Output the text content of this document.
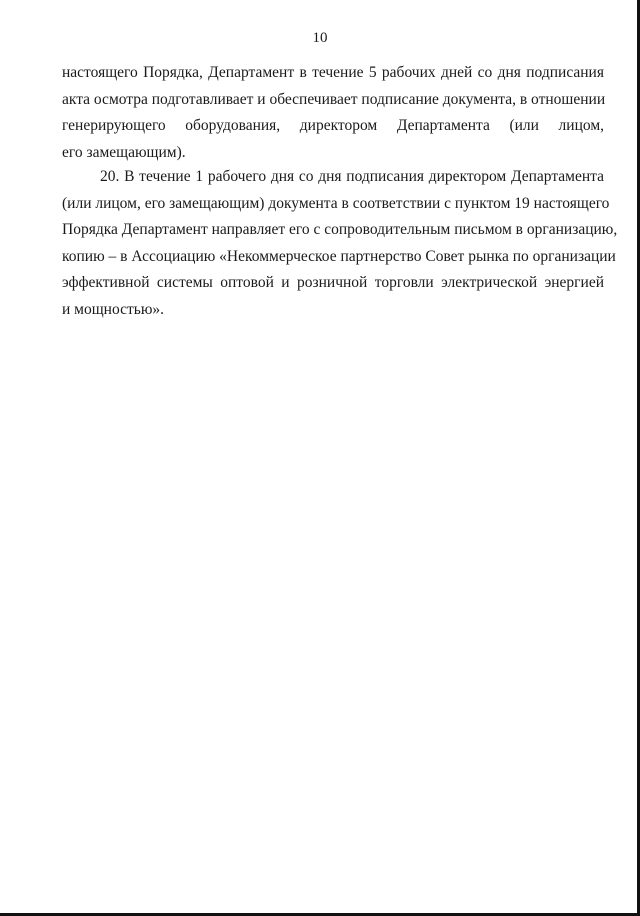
10
настоящего Порядка, Департамент в течение 5 рабочих дней со дня подписания
акта осмотра подготавливает и обеспечивает подписание документа, в отношении
генерирующего оборудования, директором Департамента (или лицом,
его замещающим).
20. В течение 1 рабочего дня со дня подписания директором Департамента
(или лицом, его замещающим) документа в соответствии с пунктом 19 настоящего
Порядка Департамент направляет его с сопроводительным письмом в организацию,
копию – в Ассоциацию «Некоммерческое партнерство Совет рынка по организации
эффективной системы оптовой и розничной торговли электрической энергией
и мощностью».
